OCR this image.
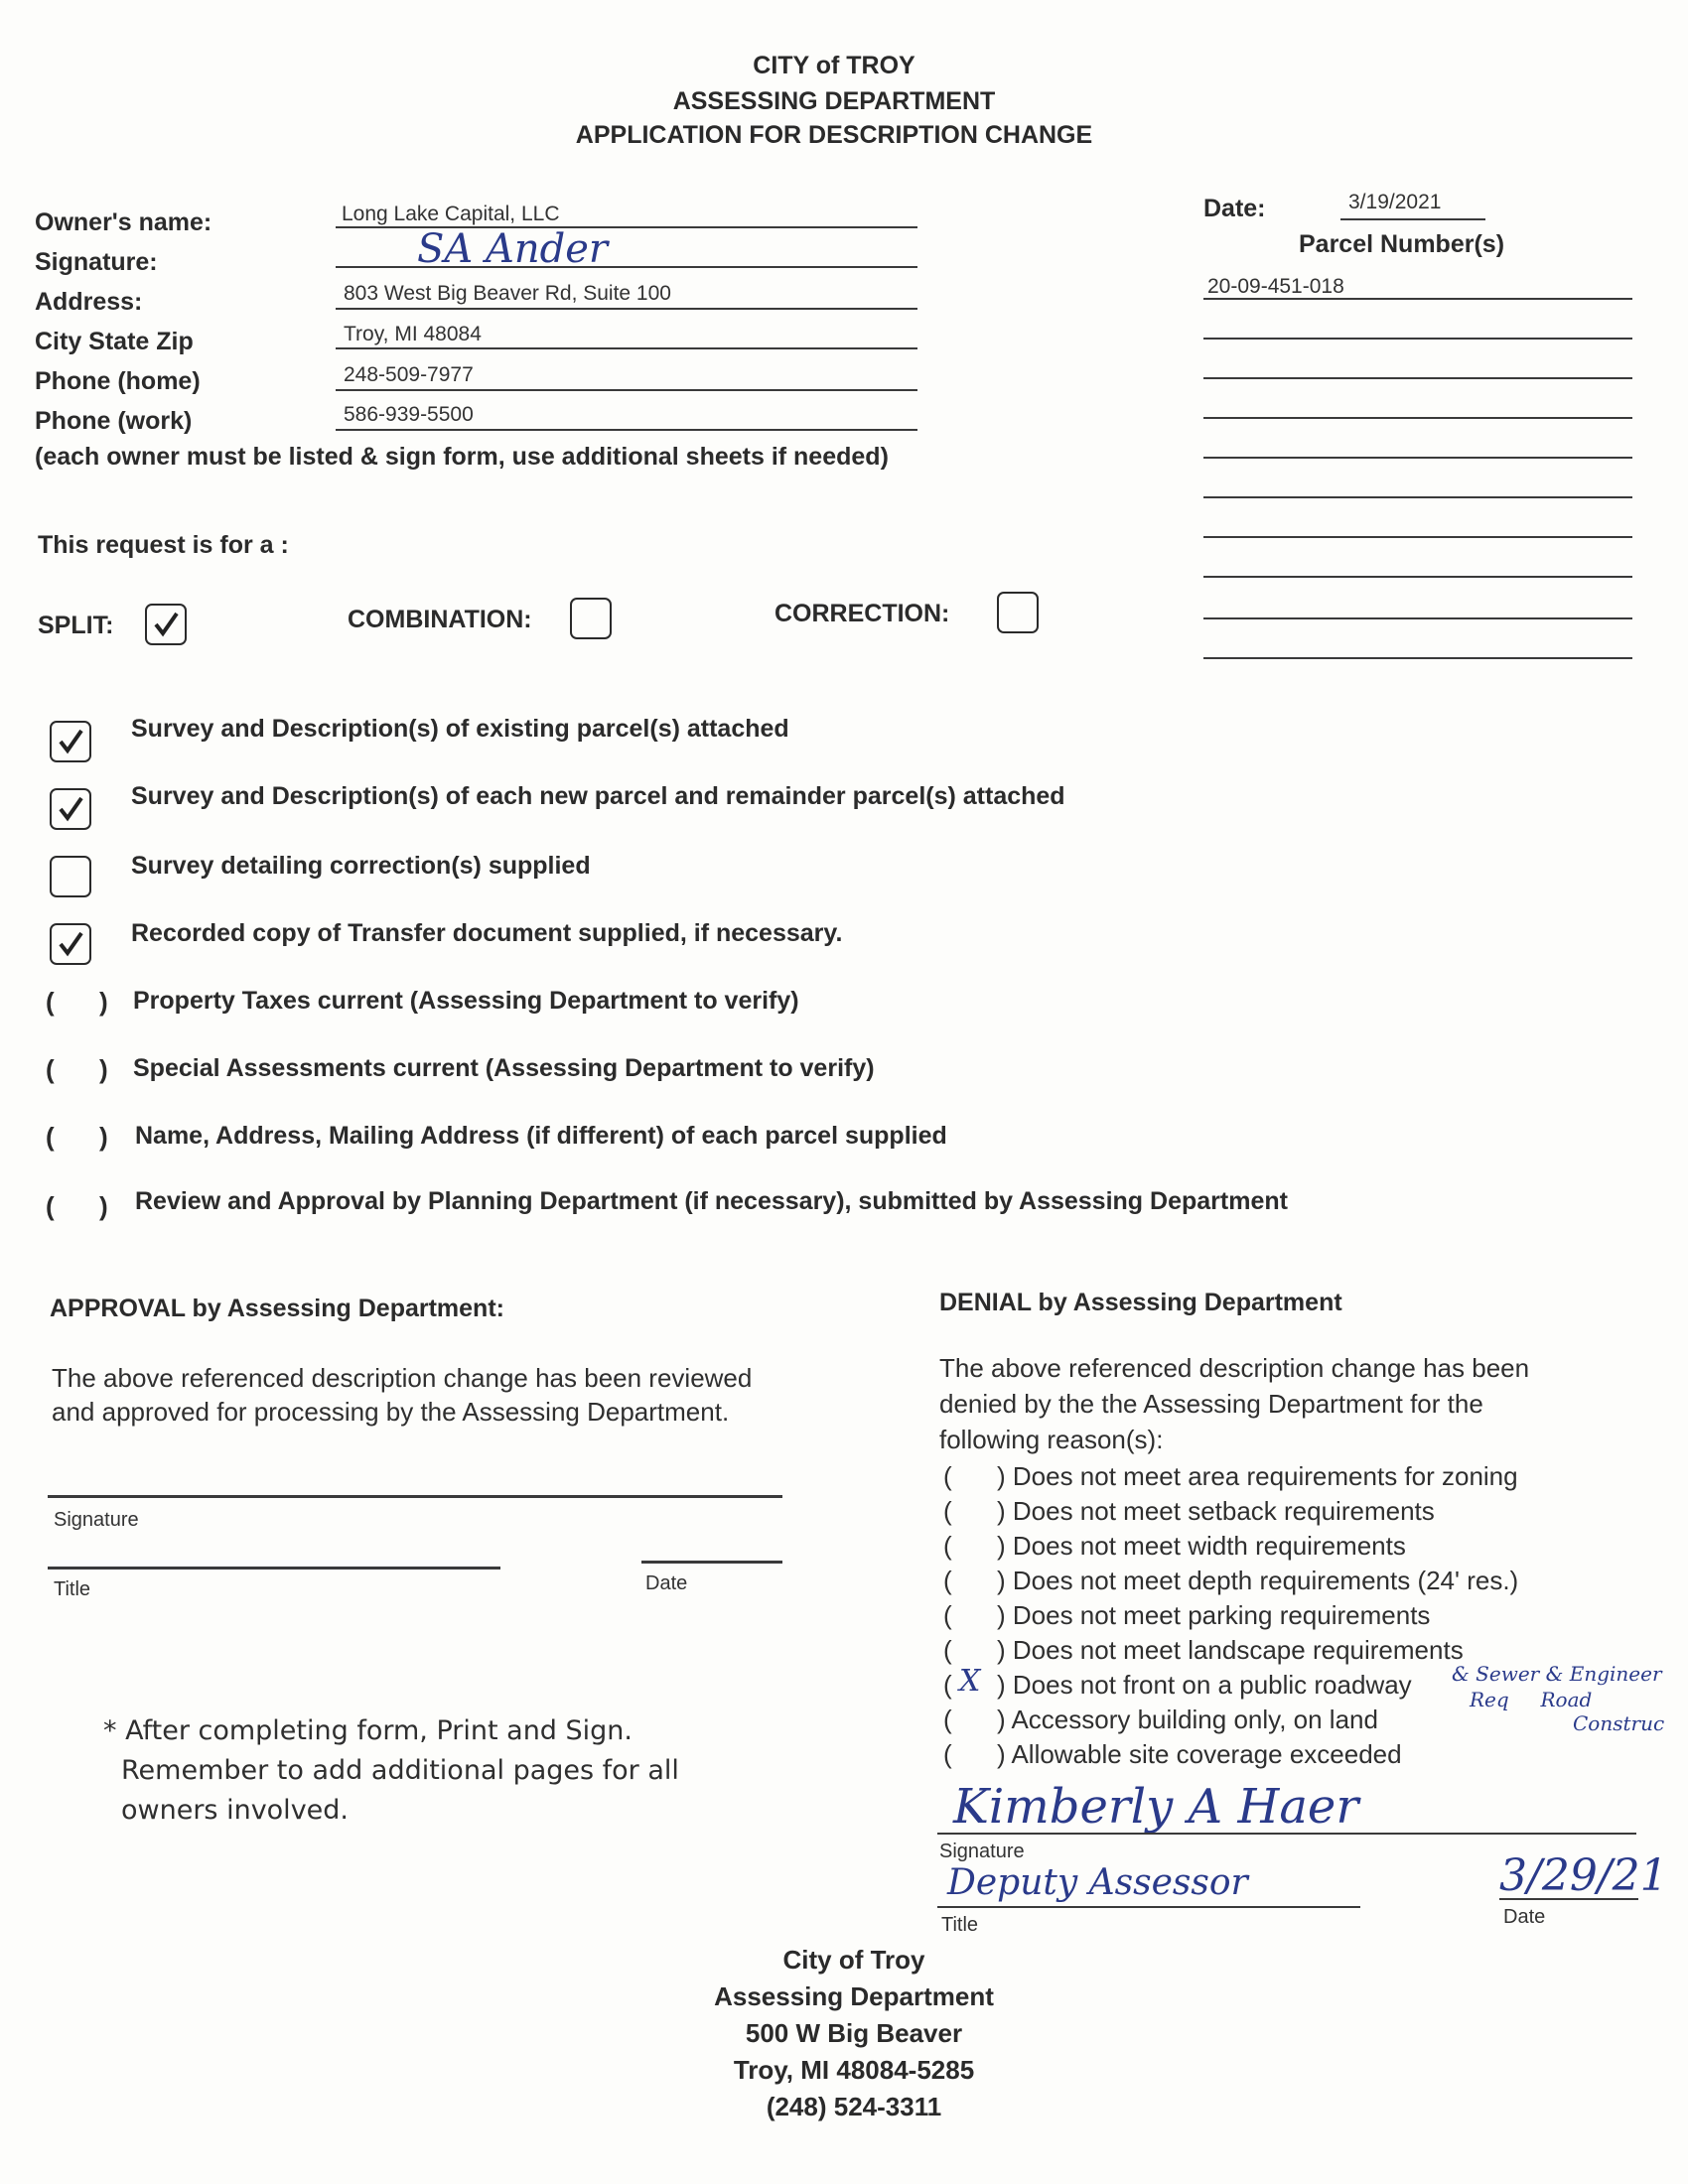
CITY of TROY
ASSESSING DEPARTMENT
APPLICATION FOR DESCRIPTION CHANGE
Owner's name:	Long Lake Capital, LLC
Signature:	SA Ander
Address:	803 West Big Beaver Rd, Suite 100
City State Zip	Troy, MI 48084
Phone (home)	248-509-7977
Phone (work)	586-939-5500
(each owner must be listed & sign form, use additional sheets if needed)
Date:	3/19/2021
Parcel Number(s)
20-09-451-018
This request is for a :
SPLIT:	COMBINATION:	CORRECTION:
Survey and Description(s) of existing parcel(s) attached
Survey and Description(s) of each new parcel and remainder parcel(s) attached
Survey detailing correction(s) supplied
Recorded copy of Transfer document supplied, if necessary.
( ) Property Taxes current (Assessing Department to verify)
( ) Special Assessments current (Assessing Department to verify)
( ) Name, Address, Mailing Address (if different) of each parcel supplied
( ) Review and Approval by Planning Department (if necessary), submitted by Assessing Department
APPROVAL by Assessing Department:
The above referenced description change has been reviewed
and approved for processing by the Assessing Department.
Signature
Title	Date
* After completing form, Print and Sign.
Remember to add additional pages for all
owners involved.
DENIAL by Assessing Department
The above referenced description change has been
denied by the the Assessing Department for the
following reason(s):
( ) Does not meet area requirements for zoning
( ) Does not meet setback requirements
( ) Does not meet width requirements
( ) Does not meet depth requirements (24' res.)
( ) Does not meet parking requirements
( ) Does not meet landscape requirements
( X ) Does not front on a public roadway
( ) Accessory building only, on land
( ) Allowable site coverage exceeded
& Sewer & Engineer
Req     Road
Construc
Kimberly A Haer
Signature
Deputy Assessor
Title
3/29/21
Date
City of Troy
Assessing Department
500 W Big Beaver
Troy, MI 48084-5285
(248) 524-3311
